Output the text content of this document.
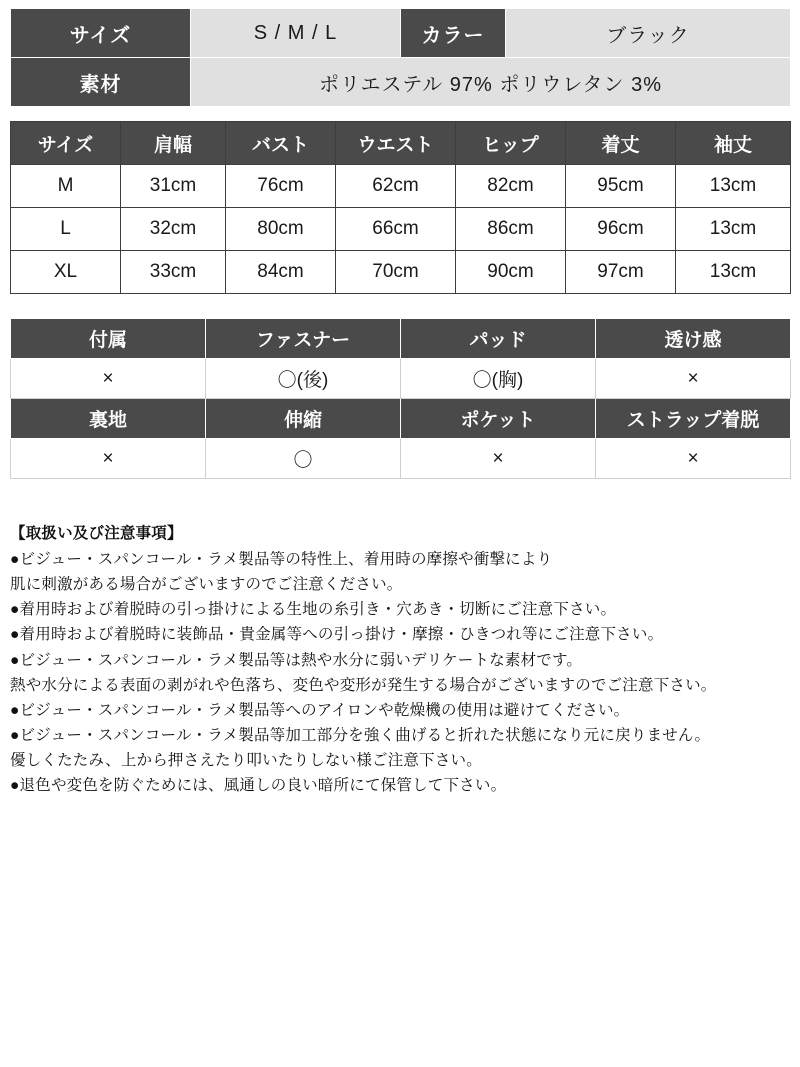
サイズ	S / M / L	カラー	ブラック
素材	ポリエステル 97% ポリウレタン 3%		
サイズ	肩幅	バスト	ウエスト	ヒップ	着丈	袖丈
M	31cm	76cm	62cm	82cm	95cm	13cm
L	32cm	80cm	66cm	86cm	96cm	13cm
XL	33cm	84cm	70cm	90cm	97cm	13cm
付属	ファスナー	パッド	透け感
×	〇(後)	〇(胸)	×
裏地	伸縮	ポケット	ストラップ着脱
×	〇	×	×
【取扱い及び注意事項】
●ビジュー・スパンコール・ラメ製品等の特性上、着用時の摩擦や衝撃により
肌に刺激がある場合がございますのでご注意ください。
●着用時および着脱時の引っ掛けによる生地の糸引き・穴あき・切断にご注意下さい。
●着用時および着脱時に装飾品・貴金属等への引っ掛け・摩擦・ひきつれ等にご注意下さい。
●ビジュー・スパンコール・ラメ製品等は熱や水分に弱いデリケートな素材です。
熱や水分による表面の剥がれや色落ち、変色や変形が発生する場合がございますのでご注意下さい。
●ビジュー・スパンコール・ラメ製品等へのアイロンや乾燥機の使用は避けてください。
●ビジュー・スパンコール・ラメ製品等加工部分を強く曲げると折れた状態になり元に戻りません。
優しくたたみ、上から押さえたり叩いたりしない様ご注意下さい。
●退色や変色を防ぐためには、風通しの良い暗所にて保管して下さい。
